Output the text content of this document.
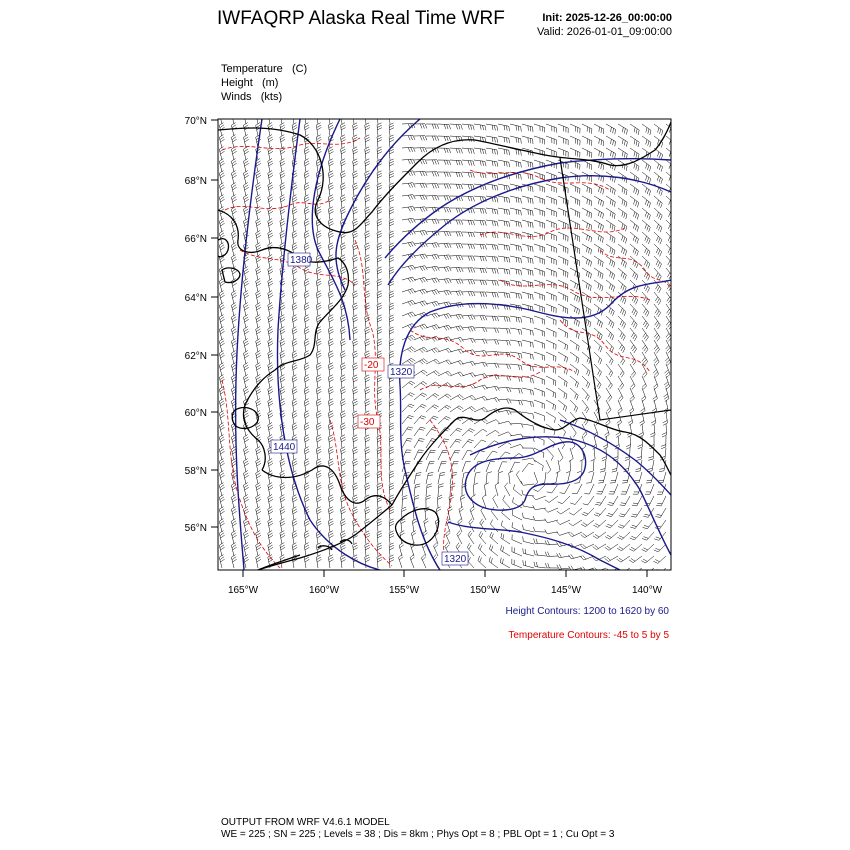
IWFAQRP Alaska Real Time WRF	Init: 2025-12-26_00:00:00
Valid: 2026-01-01_09:00:00
Temperature (C)
Height (m)
Winds (kts)
70°N
68°N
66°N
64°N
62°N
60°N
58°N
56°N
165°W	160°W	155°W	150°W	145°W	140°W
1380
1320
1440
1320
-20
-30
Height Contours: 1200 to 1620 by 60
Temperature Contours: -45 to 5 by 5
OUTPUT FROM WRF V4.6.1 MODEL
WE = 225 ; SN = 225 ; Levels = 38 ; Dis = 8km ; Phys Opt = 8 ; PBL Opt = 1 ; Cu Opt = 3
